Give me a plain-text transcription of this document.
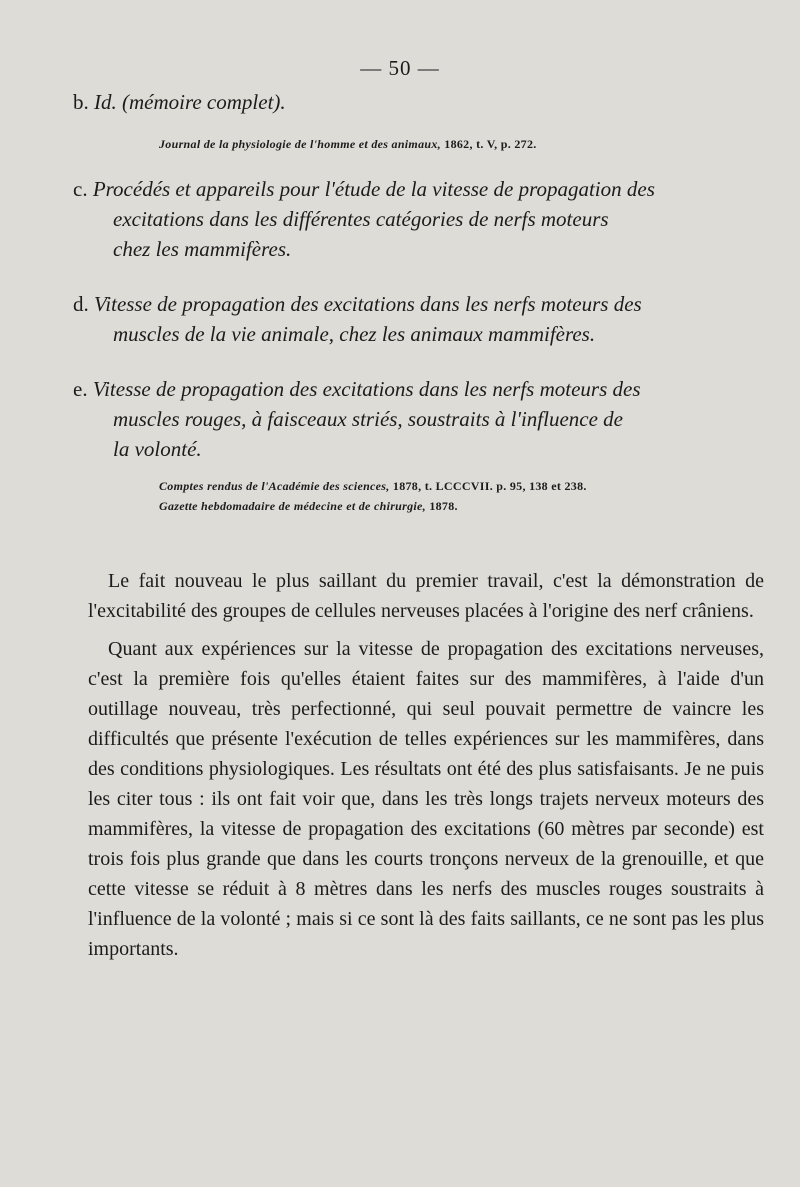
— 50 —
b. Id. (mémoire complet).
Journal de la physiologie de l'homme et des animaux, 1862, t. V, p. 272.
c. Procédés et appareils pour l'étude de la vitesse de propagation des
excitations dans les différentes catégories de nerfs moteurs
chez les mammifères.
d. Vitesse de propagation des excitations dans les nerfs moteurs des
muscles de la vie animale, chez les animaux mammifères.
e. Vitesse de propagation des excitations dans les nerfs moteurs des
muscles rouges, à faisceaux striés, soustraits à l'influence de
la volonté.
Comptes rendus de l'Académie des sciences, 1878, t. LCCCVII. p. 95, 138 et 238.
Gazette hebdomadaire de médecine et de chirurgie, 1878.

Le fait nouveau le plus saillant du premier travail, c'est la démonstration de l'excitabilité des groupes de cellules nerveuses placées à l'origine des nerf crâniens.

Quant aux expériences sur la vitesse de propagation des excitations nerveuses, c'est la première fois qu'elles étaient faites sur des mammifères, à l'aide d'un outillage nouveau, très perfectionné, qui seul pouvait permettre de vaincre les difficultés que présente l'exécution de telles expériences sur les mammifères, dans des conditions physiologiques. Les résultats ont été des plus satisfaisants. Je ne puis les citer tous : ils ont fait voir que, dans les très longs trajets nerveux moteurs des mammifères, la vitesse de propagation des excitations (60 mètres par seconde) est trois fois plus grande que dans les courts tronçons nerveux de la grenouille, et que cette vitesse se réduit à 8 mètres dans les nerfs des muscles rouges soustraits à l'influence de la volonté ; mais si ce sont là des faits saillants, ce ne sont pas les plus importants.
